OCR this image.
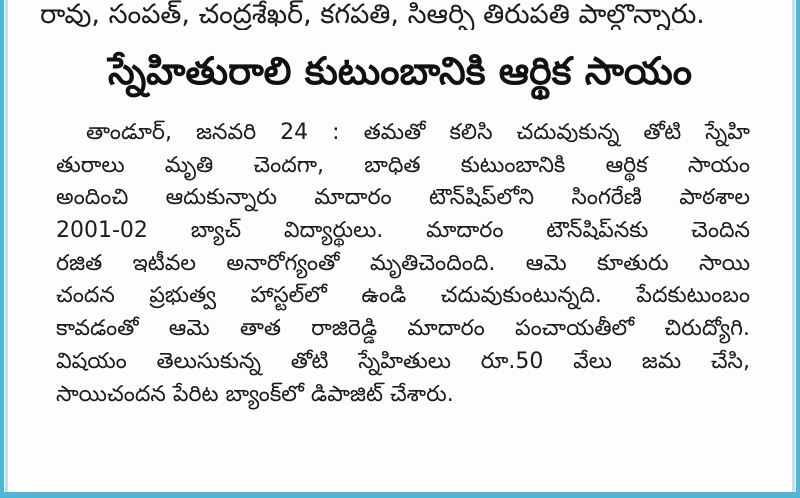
రావు, సంపత్, చంద్రశేఖర్, కగపతి, సిఆర్పి తిరుపతి పాల్గొన్నారు.
స్నేహితురాలి కుటుంబానికి ఆర్థిక సాయం
తాండూర్, జనవరి 24 : తమతో కలిసి చదువుకున్న తోటి స్నేహి
తురాలు మృతి చెందగా, బాధిత కుటుంబానికి ఆర్థిక సాయం
అందించి ఆదుకున్నారు మాదారం టౌన్‌షిప్‌లోని సింగరేణి పాఠశాల
2001-02 బ్యాచ్ విద్యార్థులు. మాదారం టౌన్‌షిప్‌నకు చెందిన
రజిత ఇటీవల అనారోగ్యంతో మృతిచెందింది. ఆమె కూతురు సాయి
చందన ప్రభుత్వ హాస్టల్‌లో ఉండి చదువుకుంటున్నది. పేదకుటుంబం
కావడంతో ఆమె తాత రాజిరెడ్డి మాదారం పంచాయతీలో చిరుద్యోగి.
విషయం తెలుసుకున్న తోటి స్నేహితులు రూ.50 వేలు జమ చేసి,
సాయిచందన పేరిట బ్యాంక్‌లో డిపాజిట్ చేశారు.
